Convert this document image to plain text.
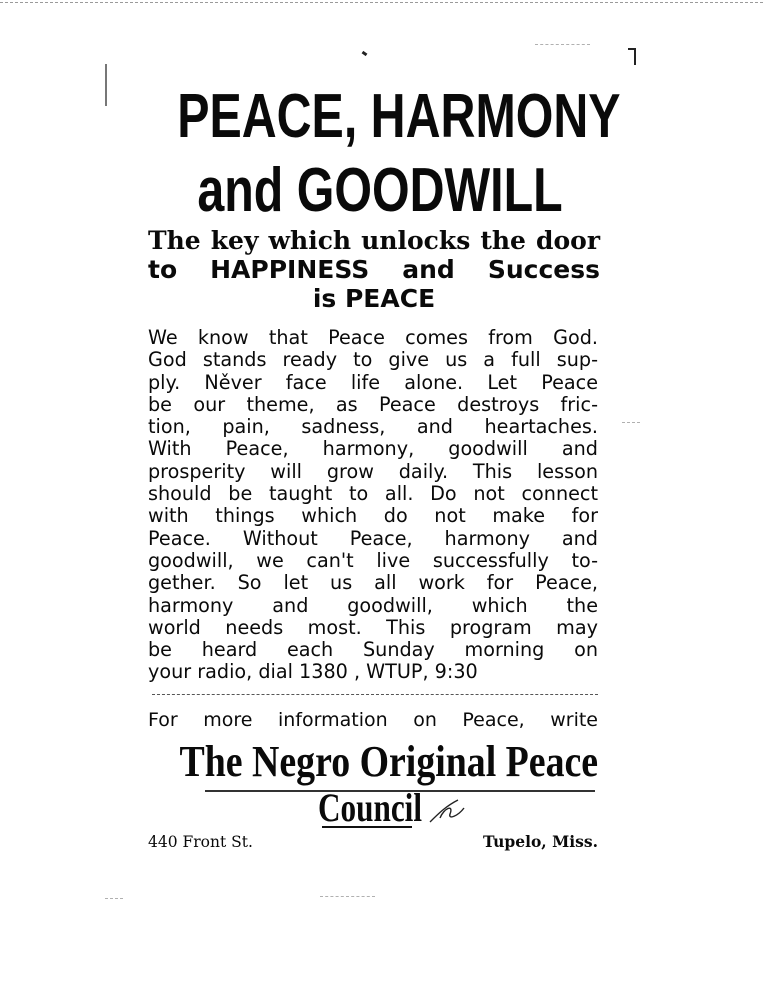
PEACE, HARMONY
and GOODWILL
The key which unlocks the door
to HAPPINESS and Success
is PEACE
We know that Peace comes from God.
God stands ready to give us a full sup-
ply. Něver face life alone. Let Peace
be our theme, as Peace destroys fric-
tion, pain, sadness, and heartaches.
With Peace, harmony, goodwill and
prosperity will grow daily. This lesson
should be taught to all. Do not connect
with things which do not make for
Peace. Without Peace, harmony and
goodwill, we can't live successfully to-
gether. So let us all work for Peace,
harmony and goodwill, which the
world needs most. This program may
be heard each Sunday morning on
your radio, dial 1380 , WTUP, 9:30
For more information on Peace, write
The Negro Original Peace
Council
440 Front St.	Tupelo, Miss.
